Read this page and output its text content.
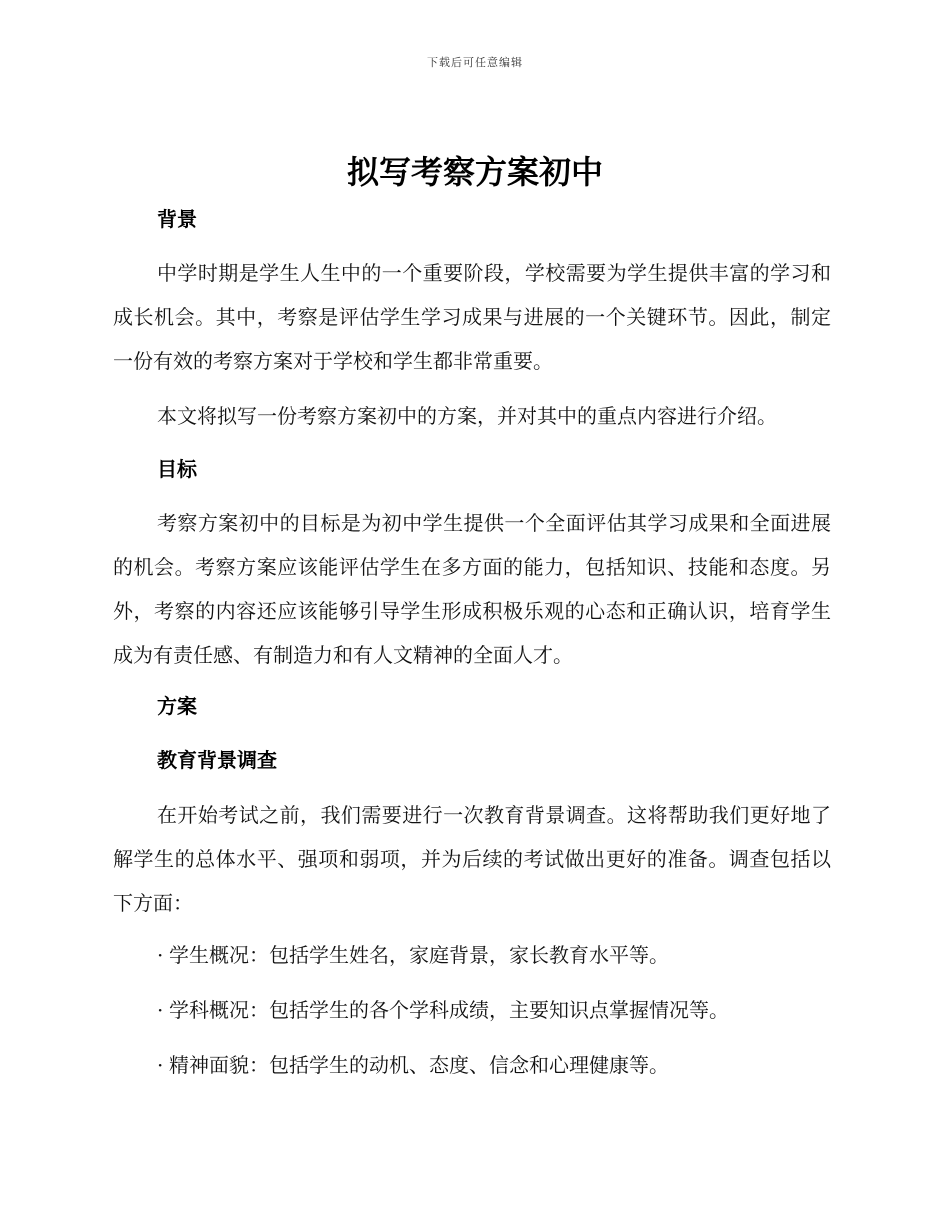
下载后可任意编辑
拟写考察方案初中
背景

中学时期是学生人生中的一个重要阶段，学校需要为学生提供丰富的学习和成长机会。其中，考察是评估学生学习成果与进展的一个关键环节。因此，制定一份有效的考察方案对于学校和学生都非常重要。

本文将拟写一份考察方案初中的方案，并对其中的重点内容进行介绍。

目标

考察方案初中的目标是为初中学生提供一个全面评估其学习成果和全面进展的机会。考察方案应该能评估学生在多方面的能力，包括知识、技能和态度。另外，考察的内容还应该能够引导学生形成积极乐观的心态和正确认识，培育学生成为有责任感、有制造力和有人文精神的全面人才。

方案
教育背景调查

在开始考试之前，我们需要进行一次教育背景调查。这将帮助我们更好地了解学生的总体水平、强项和弱项，并为后续的考试做出更好的准备。调查包括以下方面：

· 学生概况：包括学生姓名，家庭背景，家长教育水平等。
· 学科概况：包括学生的各个学科成绩，主要知识点掌握情况等。
· 精神面貌：包括学生的动机、态度、信念和心理健康等。
